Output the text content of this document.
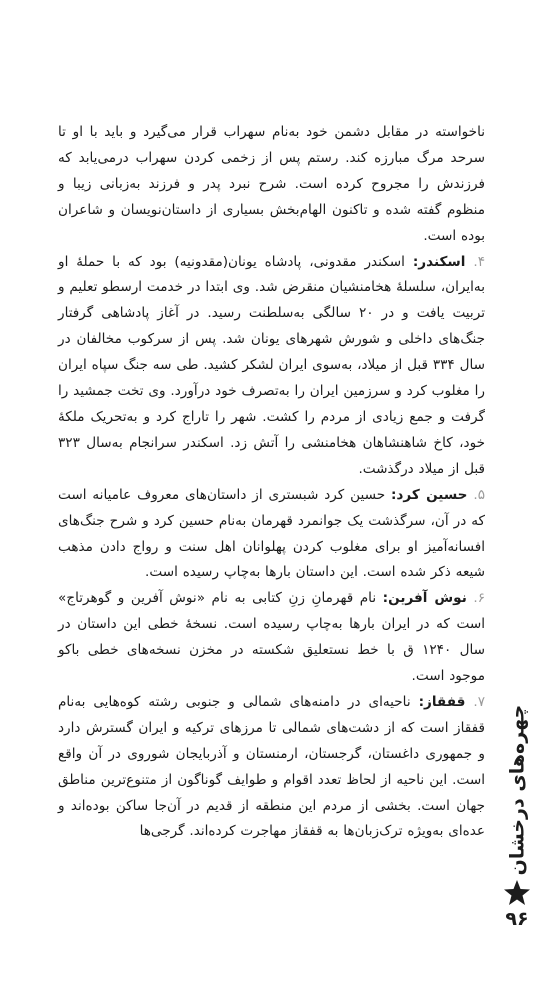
ناخواسته در مقابل دشمن خود به‌نام سهراب قرار می‌گیرد و باید با او تا سرحد مرگ مبارزه کند. رستم پس از زخمی کردن سهراب درمی‌یابد که فرزندش را مجروح کرده است. شرح نبرد پدر و فرزند به‌زبانی زیبا و منظوم گفته شده و تاکنون الهام‌بخش بسیاری از داستان‌نویسان و شاعران بوده است.

۴. اسکندر: اسکندر مقدونی، پادشاه یونان(مقدونیه) بود که با حملهٔ او به‌ایران، سلسلهٔ هخامنشیان منقرض شد. وی ابتدا در خدمت ارسطو تعلیم و تربیت یافت و در ۲۰ سالگی به‌سلطنت رسید. در آغاز پادشاهی گرفتار جنگ‌های داخلی و شورش شهرهای یونان شد. پس از سرکوب مخالفان در سال ۳۳۴ قبل از میلاد، به‌سوی ایران لشکر کشید. طی سه جنگ سپاه ایران را مغلوب کرد و سرزمین ایران را به‌تصرف خود درآورد. وی تخت جمشید را گرفت و جمع زیادی از مردم را کشت. شهر را تاراج کرد و به‌تحریک ملکهٔ خود، کاخ شاهنشاهان هخامنشی را آتش زد. اسکندر سرانجام به‌سال ۳۲۳ قبل از میلاد درگذشت.

۵. حسین کرد: حسین کرد شبستری از داستان‌های معروف عامیانه است که در آن، سرگذشت یک جوانمرد قهرمان به‌نام حسین کرد و شرح جنگ‌های افسانه‌آمیز او برای مغلوب کردن پهلوانان اهل سنت و رواج دادن مذهب شیعه ذکر شده است. این داستان بارها به‌چاپ رسیده است.

۶. نوش آفرین: نام قهرمانِ زنِ کتابی به نام «نوش آفرین و گوهرتاج» است که در ایران بارها به‌چاپ رسیده است. نسخهٔ خطی این داستان در سال ۱۲۴۰ ق با خط نستعلیق شکسته در مخزن نسخه‌های خطی باکو موجود است.

۷. قفقاز: ناحیه‌ای در دامنه‌های شمالی و جنوبی رشته کوه‌هایی به‌نام قفقاز است که از دشت‌های شمالی تا مرزهای ترکیه و ایران گسترش دارد و جمهوری داغستان، گرجستان، ارمنستان و آذربایجان شوروی در آن واقع است. این ناحیه از لحاظ تعدد اقوام و طوایف گوناگون از متنوع‌ترین مناطق جهان است. بخشی از مردم این منطقه از قدیم در آن‌جا ساکن بوده‌اند و عده‌ای به‌ویژه ترک‌زبان‌ها به قفقاز مهاجرت کرده‌اند. گرجی‌ها چهره‌های درخشان
۹۶
